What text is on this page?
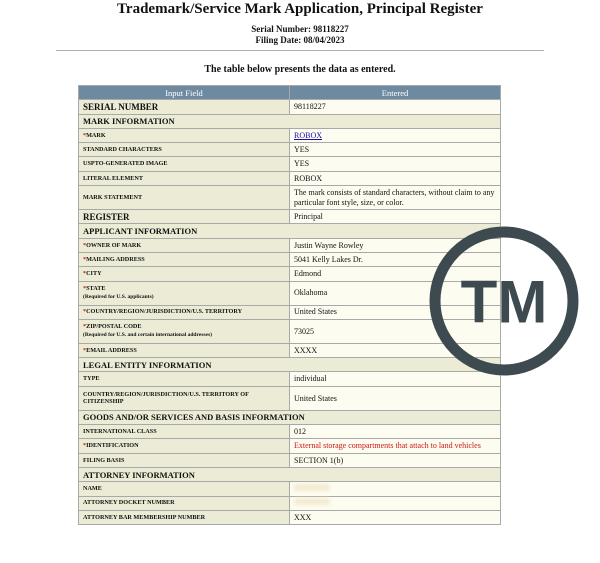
Trademark/Service Mark Application, Principal Register
Serial Number: 98118227
Filing Date: 08/04/2023
The table below presents the data as entered.
Input Field	Entered
SERIAL NUMBER	98118227
MARK INFORMATION	
*MARK	ROBOX
STANDARD CHARACTERS	YES
USPTO-GENERATED IMAGE	YES
LITERAL ELEMENT	ROBOX
MARK STATEMENT	The mark consists of standard characters, without claim to any particular font style, size, or color.
REGISTER	Principal
APPLICANT INFORMATION	
*OWNER OF MARK	Justin Wayne Rowley
*MAILING ADDRESS	5041 Kelly Lakes Dr.
*CITY	Edmond
*STATE
(Required for U.S. applicants)	Oklahoma
*COUNTRY/REGION/JURISDICTION/U.S. TERRITORY	United States
*ZIP/POSTAL CODE
(Required for U.S. and certain international addresses)	73025
*EMAIL ADDRESS	XXXX
LEGAL ENTITY INFORMATION	
TYPE	individual
COUNTRY/REGION/JURISDICTION/U.S. TERRITORY OF CITIZENSHIP	United States
GOODS AND/OR SERVICES AND BASIS INFORMATION	
INTERNATIONAL CLASS	012
*IDENTIFICATION	External storage compartments that attach to land vehicles
FILING BASIS	SECTION 1(b)
ATTORNEY INFORMATION	
NAME	
ATTORNEY DOCKET NUMBER	
ATTORNEY BAR MEMBERSHIP NUMBER	XXX
TM
